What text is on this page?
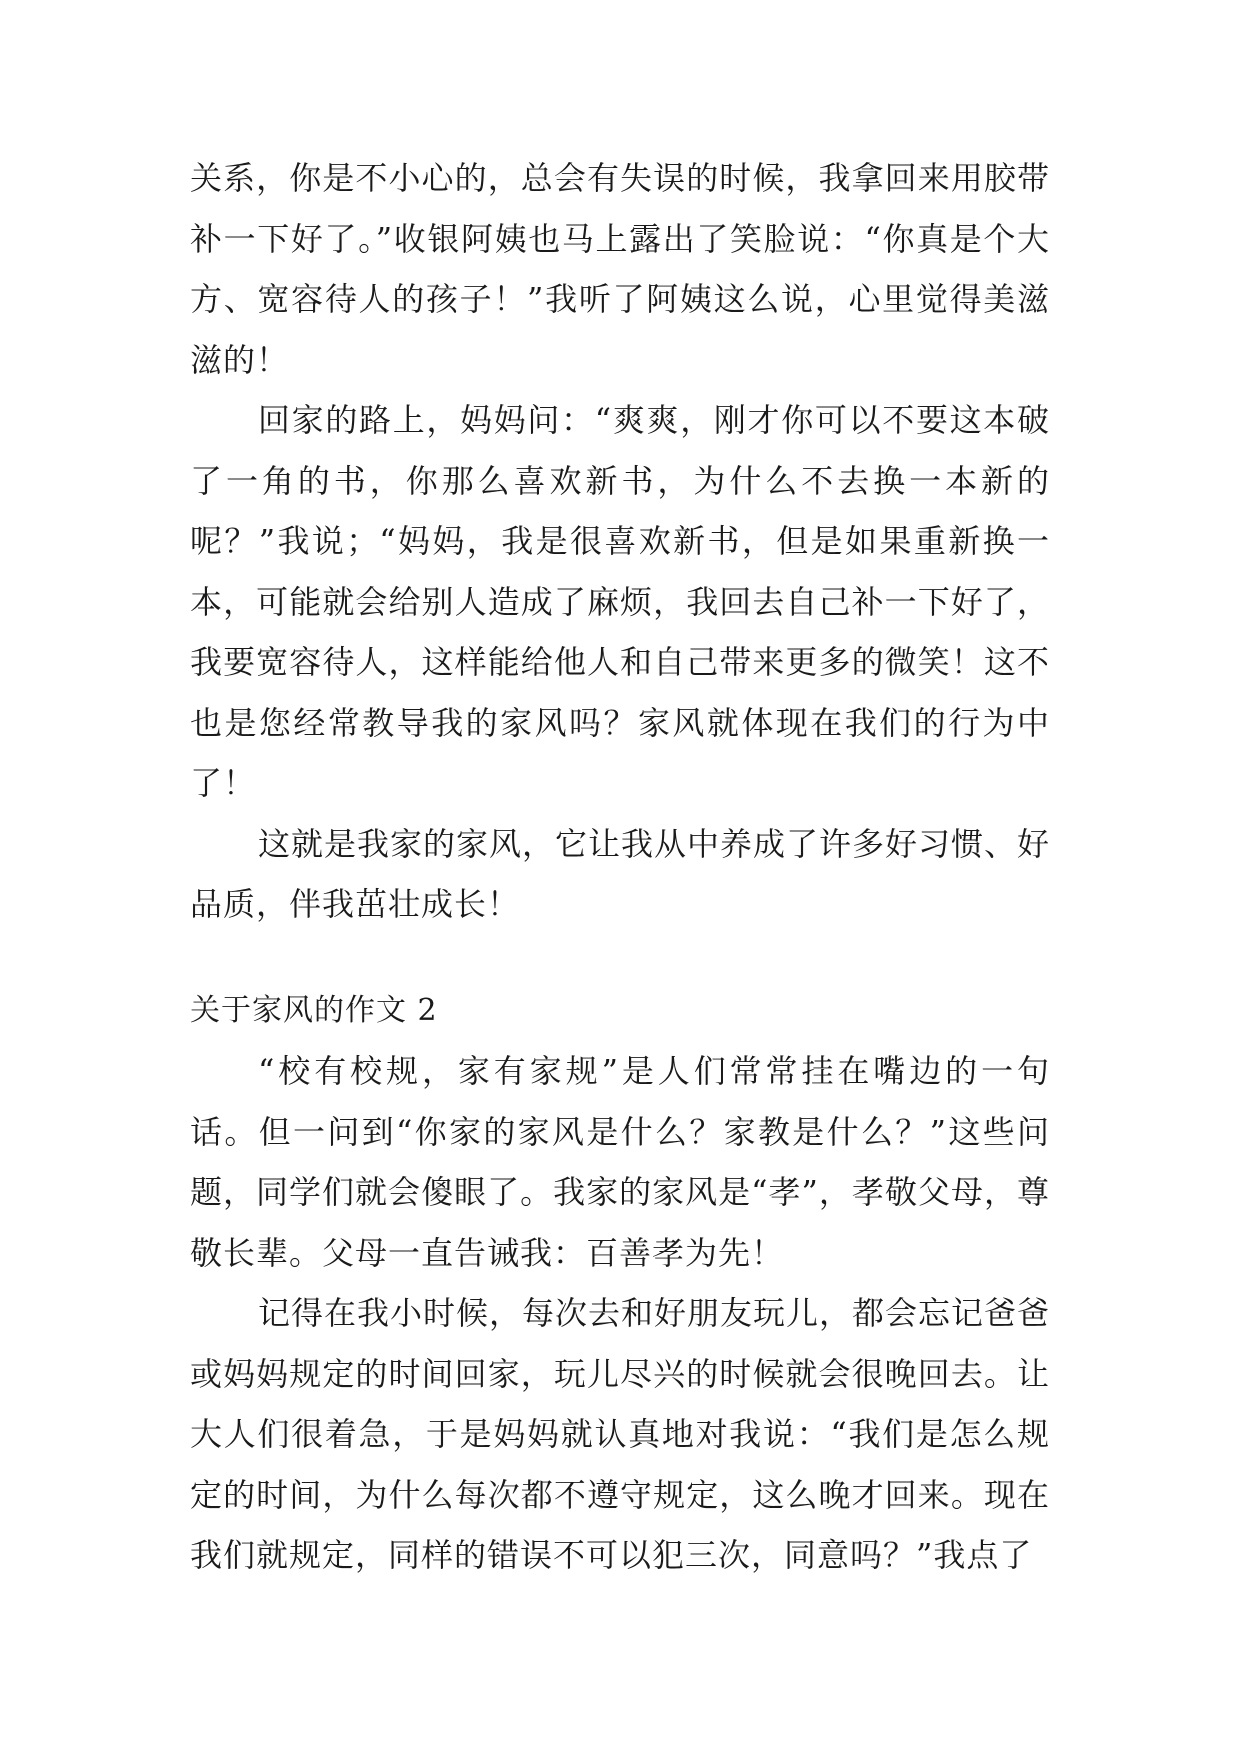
关系，你是不小心的，总会有失误的时候，我拿回来用胶带补一下好了。”收银阿姨也马上露出了笑脸说：“你真是个大方、宽容待人的孩子！”我听了阿姨这么说，心里觉得美滋滋的！

回家的路上，妈妈问：“爽爽，刚才你可以不要这本破了一角的书，你那么喜欢新书，为什么不去换一本新的呢？”我说；“妈妈，我是很喜欢新书，但是如果重新换一本，可能就会给别人造成了麻烦，我回去自己补一下好了，我要宽容待人，这样能给他人和自己带来更多的微笑！这不也是您经常教导我的家风吗？家风就体现在我们的行为中了！

这就是我家的家风，它让我从中养成了许多好习惯、好品质，伴我茁壮成长！

关于家风的作文 2

“校有校规，家有家规”是人们常常挂在嘴边的一句话。但一问到“你家的家风是什么？家教是什么？”这些问题，同学们就会傻眼了。我家的家风是“孝”，孝敬父母，尊敬长辈。父母一直告诫我：百善孝为先！

记得在我小时候，每次去和好朋友玩儿，都会忘记爸爸或妈妈规定的时间回家，玩儿尽兴的时候就会很晚回去。让大人们很着急，于是妈妈就认真地对我说：“我们是怎么规定的时间，为什么每次都不遵守规定，这么晚才回来。现在我们就规定，同样的错误不可以犯三次，同意吗？”我点了
